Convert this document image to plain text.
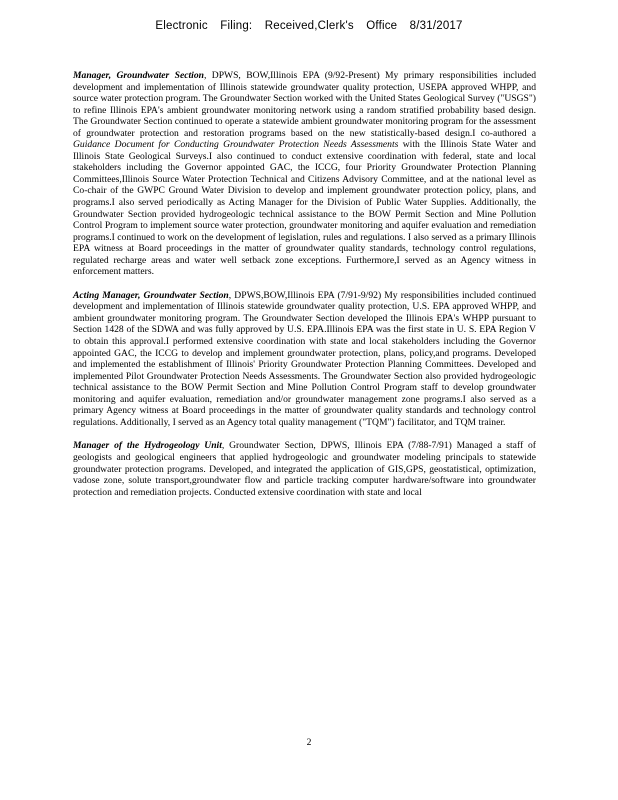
Electronic Filing: Received,Clerk's Office 8/31/2017

Manager, Groundwater Section, DPWS, BOW,Illinois EPA (9/92-Present) My primary responsibilities included development and implementation of Illinois statewide groundwater quality protection, USEPA approved WHPP, and source water protection program. The Groundwater Section worked with the United States Geological Survey ("USGS") to refine Illinois EPA's ambient groundwater monitoring network using a random stratified probability based design. The Groundwater Section continued to operate a statewide ambient groundwater monitoring program for the assessment of groundwater protection and restoration programs based on the new statistically-based design.I co-authored a Guidance Document for Conducting Groundwater Protection Needs Assessments with the Illinois State Water and Illinois State Geological Surveys.I also continued to conduct extensive coordination with federal, state and local stakeholders including the Governor appointed GAC, the ICCG, four Priority Groundwater Protection Planning Committees,Illinois Source Water Protection Technical and Citizens Advisory Committee, and at the national level as Co-chair of the GWPC Ground Water Division to develop and implement groundwater protection policy, plans, and programs.I also served periodically as Acting Manager for the Division of Public Water Supplies. Additionally, the Groundwater Section provided hydrogeologic technical assistance to the BOW Permit Section and Mine Pollution Control Program to implement source water protection, groundwater monitoring and aquifer evaluation and remediation programs.I continued to work on the development of legislation, rules and regulations. I also served as a primary Illinois EPA witness at Board proceedings in the matter of groundwater quality standards, technology control regulations, regulated recharge areas and water well setback zone exceptions. Furthermore,I served as an Agency witness in enforcement matters.

Acting Manager, Groundwater Section, DPWS,BOW,Illinois EPA (7/91-9/92) My responsibilities included continued development and implementation of Illinois statewide groundwater quality protection, U.S. EPA approved WHPP, and ambient groundwater monitoring program. The Groundwater Section developed the Illinois EPA's WHPP pursuant to Section 1428 of the SDWA and was fully approved by U.S. EPA.Illinois EPA was the first state in U. S. EPA Region V to obtain this approval.I performed extensive coordination with state and local stakeholders including the Governor appointed GAC, the ICCG to develop and implement groundwater protection, plans, policy,and programs. Developed and implemented the establishment of Illinois' Priority Groundwater Protection Planning Committees. Developed and implemented Pilot Groundwater Protection Needs Assessments. The Groundwater Section also provided hydrogeologic technical assistance to the BOW Permit Section and Mine Pollution Control Program staff to develop groundwater monitoring and aquifer evaluation, remediation and/or groundwater management zone programs.I also served as a primary Agency witness at Board proceedings in the matter of groundwater quality standards and technology control regulations. Additionally, I served as an Agency total quality management ("TQM") facilitator, and TQM trainer.

Manager of the Hydrogeology Unit, Groundwater Section, DPWS, Illinois EPA (7/88-7/91) Managed a staff of geologists and geological engineers that applied hydrogeologic and groundwater modeling principals to statewide groundwater protection programs. Developed, and integrated the application of GIS,GPS, geostatistical, optimization, vadose zone, solute transport,groundwater flow and particle tracking computer hardware/software into groundwater protection and remediation projects. Conducted extensive coordination with state and local

2
